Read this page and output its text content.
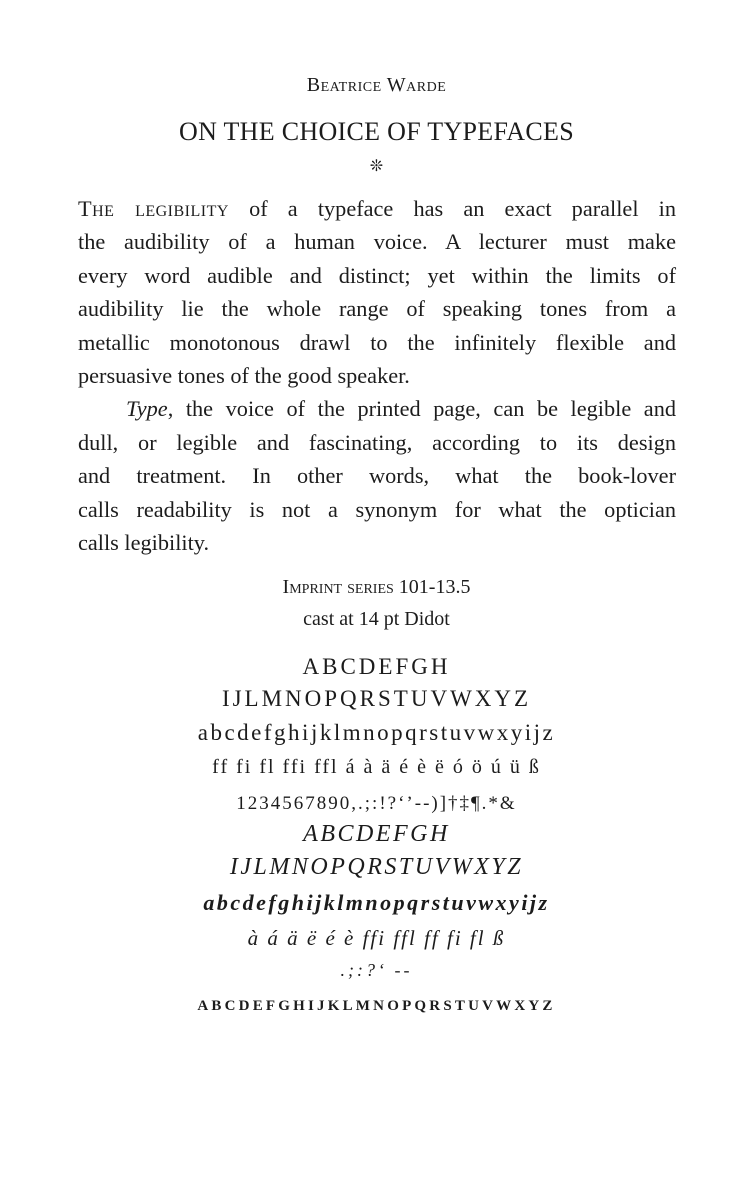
Beatrice Warde
ON THE CHOICE OF TYPEFACES
❊
The legibility of a typeface has an exact parallel in
the audibility of a human voice. A lecturer must make
every word audible and distinct; yet within the limits of
audibility lie the whole range of speaking tones from a
metallic monotonous drawl to the infinitely flexible and
persuasive tones of the good speaker.
Type, the voice of the printed page, can be legible and
dull, or legible and fascinating, according to its design
and treatment. In other words, what the book-lover
calls readability is not a synonym for what the optician
calls legibility.
Imprint series 101-13.5
cast at 14 pt Didot
ABCDEFGH
IJLMNOPQRSTUVWXYZ
abcdefghijklmnopqrstuvwxyijz
ff fi fl ffi ffl á à ä é è ë ó ö ú ü ß
1234567890,.;:!?‘’--)]†‡¶.*&
ABCDEFGH
IJLMNOPQRSTUVWXYZ
abcdefghijklmnopqrstuvwxyijz
à á ä ë é è ffi ffl ff fi fl ß
.;:?‘ --
ABCDEFGHIJKLMNOPQRSTUVWXYZ
